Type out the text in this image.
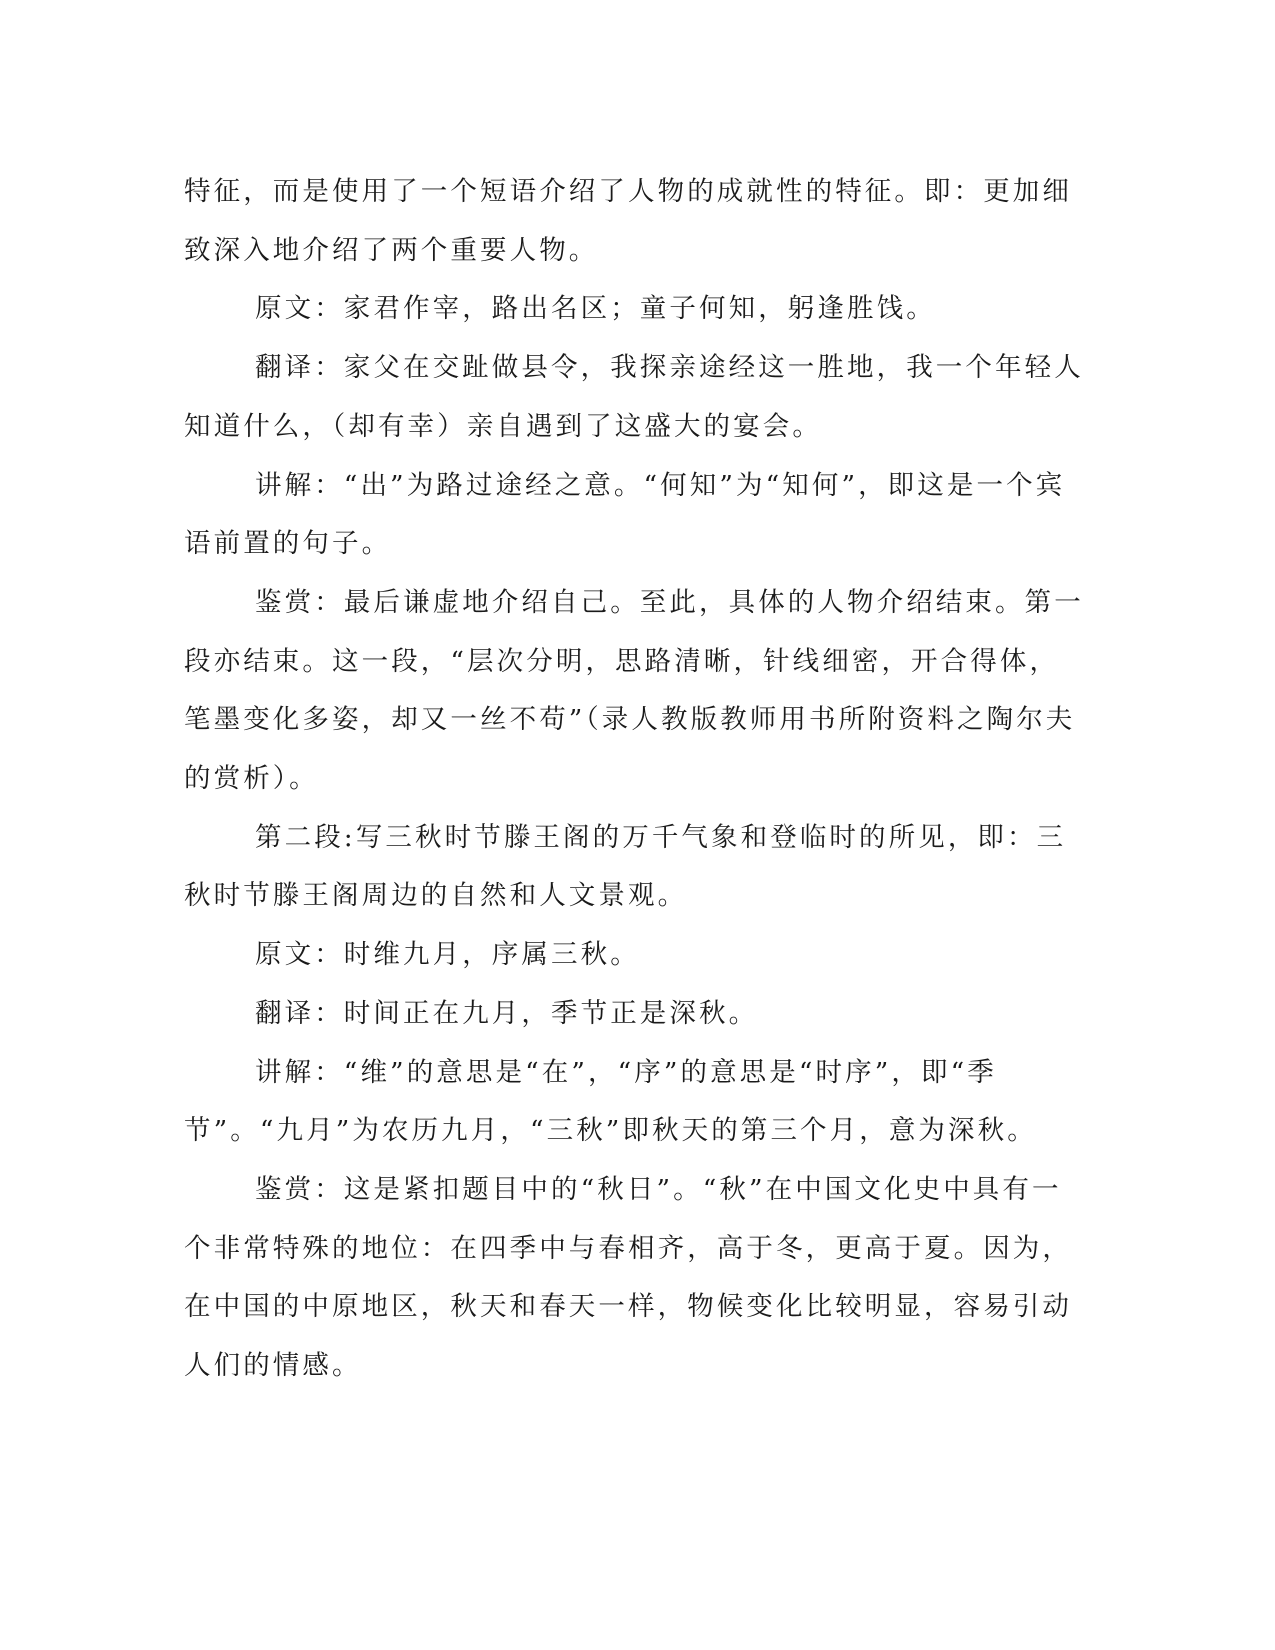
特征，而是使用了一个短语介绍了人物的成就性的特征。即：更加细致深入地介绍了两个重要人物。

原文：家君作宰，路出名区；童子何知，躬逢胜饯。

翻译：家父在交趾做县令，我探亲途经这一胜地，我一个年轻人知道什么，（却有幸）亲自遇到了这盛大的宴会。

讲解：“出”为路过途经之意。“何知”为“知何”，即这是一个宾语前置的句子。

鉴赏：最后谦虚地介绍自己。至此，具体的人物介绍结束。第一段亦结束。这一段，“层次分明，思路清晰，针线细密，开合得体，笔墨变化多姿，却又一丝不苟”（录人教版教师用书所附资料之陶尔夫的赏析）。

第二段:写三秋时节滕王阁的万千气象和登临时的所见，即：三秋时节滕王阁周边的自然和人文景观。

原文：时维九月，序属三秋。

翻译：时间正在九月，季节正是深秋。

讲解：“维”的意思是“在”，“序”的意思是“时序”，即“季节”。“九月”为农历九月，“三秋”即秋天的第三个月，意为深秋。

鉴赏：这是紧扣题目中的“秋日”。“秋”在中国文化史中具有一个非常特殊的地位：在四季中与春相齐，高于冬，更高于夏。因为，在中国的中原地区，秋天和春天一样，物候变化比较明显，容易引动人们的情感。
